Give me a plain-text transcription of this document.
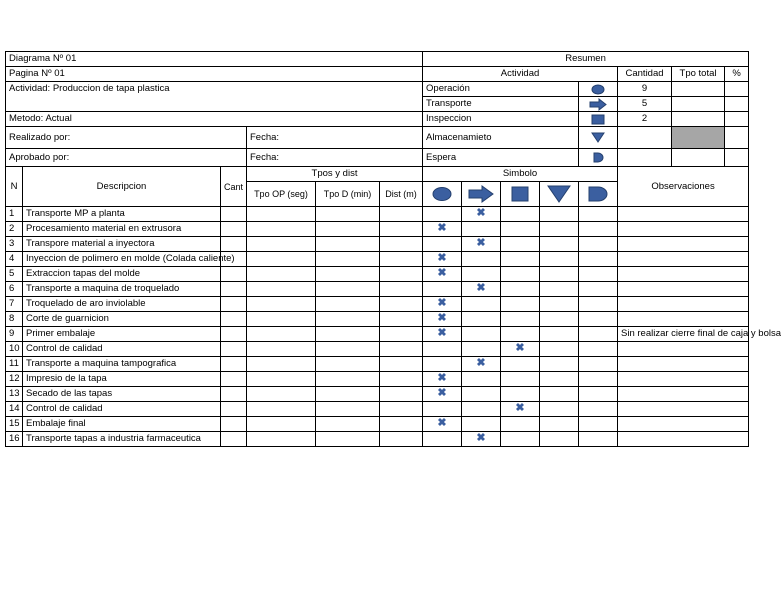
Diagrama Nº 01						Resumen							
Pagina Nº 01						Actividad					Cantidad	Tpo total	%
Actividad: Produccion de tapa plastica						Operación					9		
						Transporte					5		
Metodo: Actual						Inspeccion					2		
Realizado por:			Fecha:			Almacenamieto	

Aprobado por:			Fecha:			Espera	

N	Descripcion	Cant	Tpos y dist			Simbolo					Observaciones		
			Tpo OP (seg)	Tpo D (min)	Dist (m)	

1	Transporte MP a planta						✖						
2	Procesamiento material en extrusora					✖							
3	Transpore material a inyectora						✖						
4	Inyeccion de polimero en molde (Colada caliente)					✖							
5	Extraccion tapas del molde					✖							
6	Transporte a maquina de troquelado						✖						
7	Troquelado de aro inviolable					✖							
8	Corte de guarnicion					✖							
9	Primer embalaje					✖					Sin realizar cierre final de caja y bolsa		
10	Control de calidad							✖					
11	Transporte a maquina tampografica						✖						
12	Impresio de la tapa					✖							
13	Secado de las tapas					✖							
14	Control de calidad							✖					
15	Embalaje final					✖							
16	Transporte tapas a industria farmaceutica						✖						
